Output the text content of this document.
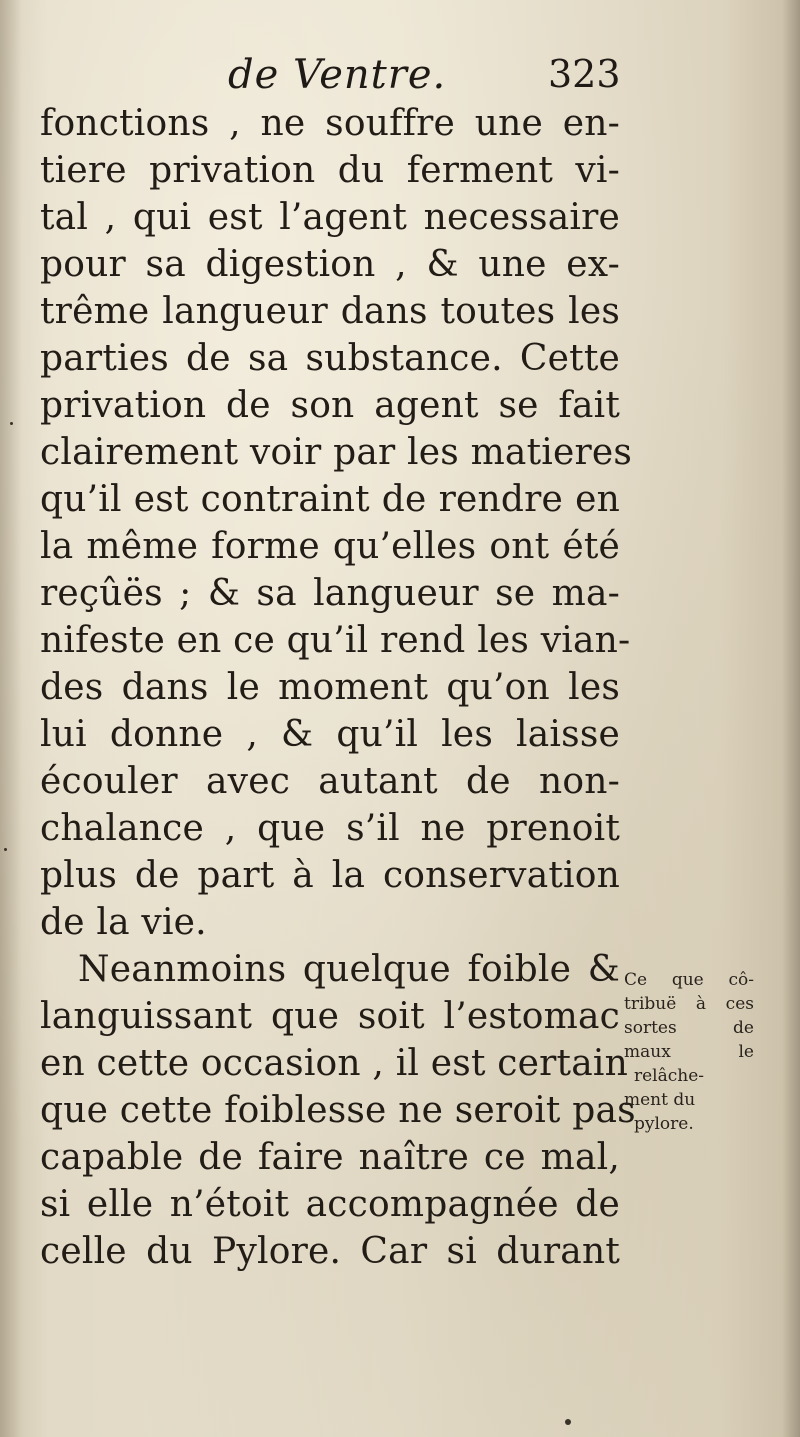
de Ventre.	323
fonctions , ne souffre une en-
tiere privation du ferment vi-
tal , qui est l’agent necessaire
pour sa digestion , & une ex-
trême langueur dans toutes les
parties de sa substance. Cette
privation de son agent se fait
clairement voir par les matieres
qu’il est contraint de rendre en
la même forme qu’elles ont été
reçûës ; & sa langueur se ma-
nifeste en ce qu’il rend les vian-
des dans le moment qu’on les
lui donne , & qu’il les laisse
écouler avec autant de non-
chalance , que s’il ne prenoit
plus de part à la conservation
de la vie.
Neanmoins quelque foible &
languissant que soit l’estomac
en cette occasion , il est certain
que cette foiblesse ne seroit pas
capable de faire naître ce mal,
si elle n’étoit accompagnée de
celle du Pylore. Car si durant
Ce que cô-
tribuë à ces
sortes de
maux le
relâche-
ment du
pylore.
